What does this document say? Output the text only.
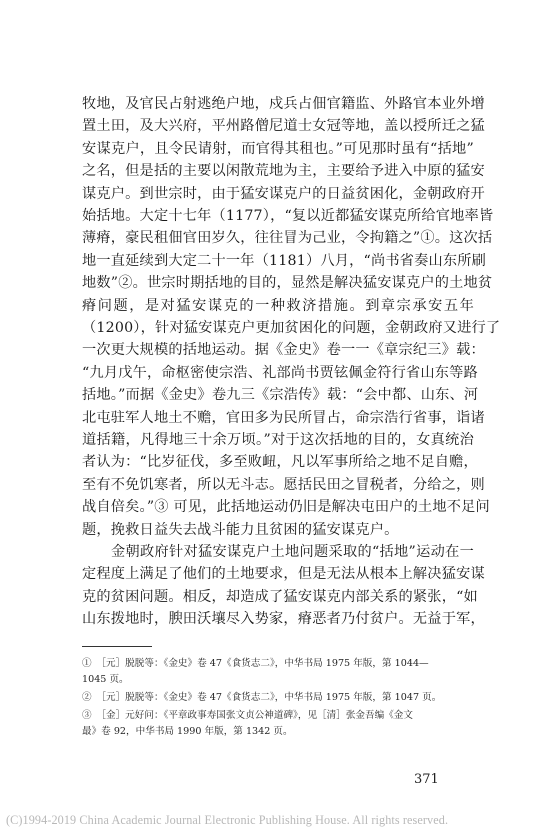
牧地，及官民占射逃绝户地，戍兵占佃官籍监、外路官本业外增
置土田，及大兴府，平州路僧尼道士女冠等地，盖以授所迁之猛
安谋克户，且令民请射，而官得其租也。”可见那时虽有“括地”
之名，但是括的主要以闲散荒地为主，主要给予进入中原的猛安
谋克户。到世宗时，由于猛安谋克户的日益贫困化，金朝政府开
始括地。大定十七年（1177），“复以近都猛安谋克所给官地率皆
薄瘠，豪民租佃官田岁久，往往冒为己业，令拘籍之”①。这次括
地一直延续到大定二十一年（1181）八月，“尚书省奏山东所刷
地数”②。世宗时期括地的目的，显然是解决猛安谋克户的土地贫
瘠问题，是对猛安谋克的一种救济措施。到章宗承安五年
（1200），针对猛安谋克户更加贫困化的问题，金朝政府又进行了
一次更大规模的括地运动。据《金史》卷一一《章宗纪三》载：
“九月戊午，命枢密使宗浩、礼部尚书贾铉佩金符行省山东等路
括地。”而据《金史》卷九三《宗浩传》载：“会中都、山东、河
北屯驻军人地土不赡，官田多为民所冒占，命宗浩行省事，诣诸
道括籍，凡得地三十余万顷。”对于这次括地的目的，女真统治
者认为：“比岁征伐，多至败衄，凡以军事所给之地不足自赡，
至有不免饥寒者，所以无斗志。愿括民田之冒税者，分给之，则
战自倍矣。”③ 可见，此括地运动仍旧是解决屯田户的土地不足问
题，挽救日益失去战斗能力且贫困的猛安谋克户。
　　金朝政府针对猛安谋克户土地问题采取的“括地”运动在一
定程度上满足了他们的土地要求，但是无法从根本上解决猛安谋
克的贫困问题。相反，却造成了猛安谋克内部关系的紧张，“如
山东拨地时，腴田沃壤尽入势家，瘠恶者乃付贫户。无益于军，
①　［元］脱脱等：《金史》卷 47《食货志二》，中华书局 1975 年版，第 1044—
1045 页。
②　［元］脱脱等：《金史》卷 47《食货志二》，中华书局 1975 年版，第 1047 页。
③　［金］元好问：《平章政事寿国张文贞公神道碑》，见［清］张金吾编《金文
最》卷 92，中华书局 1990 年版，第 1342 页。
371
(C)1994-2019 China Academic Journal Electronic Publishing House. All rights reserved.
